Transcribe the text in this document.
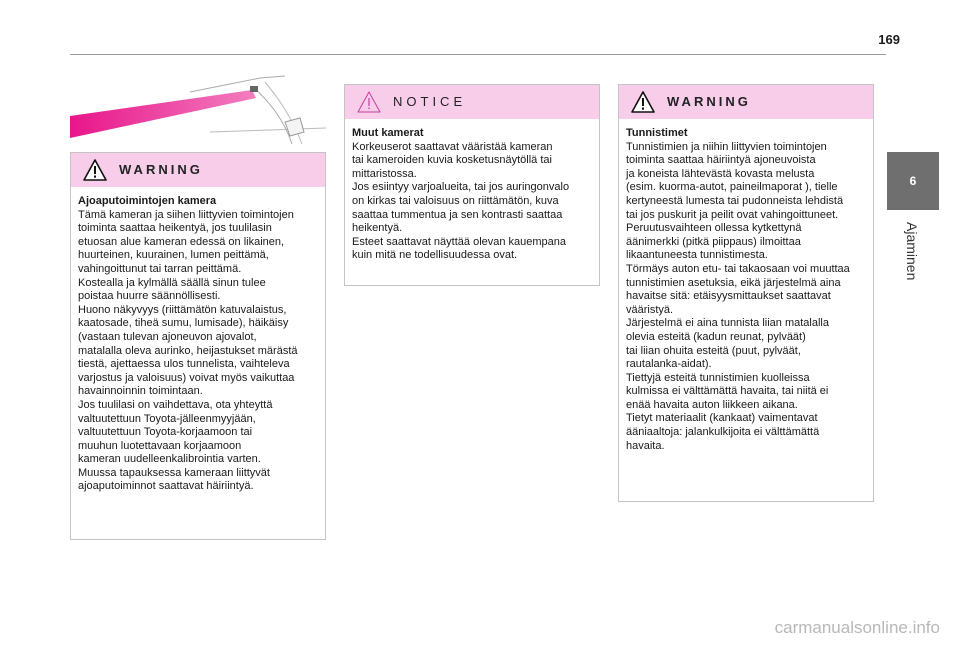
169
6
Ajaminen
WARNING

Ajoaputoimintojen kamera

Tämä kameran ja siihen liittyvien toimintojen
toiminta saattaa heikentyä, jos tuulilasin
etuosan alue kameran edessä on likainen,
huurteinen, kuurainen, lumen peittämä,
vahingoittunut tai tarran peittämä.
Kostealla ja kylmällä säällä sinun tulee
poistaa huurre säännöllisesti.
Huono näkyvyys (riittämätön katuvalaistus,
kaatosade, tiheä sumu, lumisade), häikäisy
(vastaan tulevan ajoneuvon ajovalot,
matalalla oleva aurinko, heijastukset märästä
tiestä, ajettaessa ulos tunnelista, vaihteleva
varjostus ja valoisuus) voivat myös vaikuttaa
havainnoinnin toimintaan.
Jos tuulilasi on vaihdettava, ota yhteyttä
valtuutettuun Toyota-jälleenmyyjään,
valtuutettuun Toyota-korjaamoon tai
muuhun luotettavaan korjaamoon
kameran uudelleenkalibrointia varten.
Muussa tapauksessa kameraan liittyvät
ajoaputoiminnot saattavat häiriintyä.

NOTICE

Muut kamerat

Korkeuserot saattavat vääristää kameran
tai kameroiden kuvia kosketusnäytöllä tai
mittaristossa.
Jos esiintyy varjoalueita, tai jos auringonvalo
on kirkas tai valoisuus on riittämätön, kuva
saattaa tummentua ja sen kontrasti saattaa
heikentyä.
Esteet saattavat näyttää olevan kauempana
kuin mitä ne todellisuudessa ovat.

WARNING

Tunnistimet

Tunnistimien ja niihin liittyvien toimintojen
toiminta saattaa häiriintyä ajoneuvoista
ja koneista lähtevästä kovasta melusta
(esim. kuorma-autot, paineilmaporat ), tielle
kertyneestä lumesta tai pudonneista lehdistä
tai jos puskurit ja peilit ovat vahingoittuneet.
Peruutusvaihteen ollessa kytkettynä
äänimerkki (pitkä piippaus) ilmoittaa
likaantuneesta tunnistimesta.
Törmäys auton etu- tai takaosaan voi muuttaa
tunnistimien asetuksia, eikä järjestelmä aina
havaitse sitä: etäisyysmittaukset saattavat
vääristyä.
Järjestelmä ei aina tunnista liian matalalla
olevia esteitä (kadun reunat, pylväät)
tai liian ohuita esteitä (puut, pylväät,
rautalanka-aidat).
Tiettyjä esteitä tunnistimien kuolleissa
kulmissa ei välttämättä havaita, tai niitä ei
enää havaita auton liikkeen aikana.
Tietyt materiaalit (kankaat) vaimentavat
ääniaaltoja: jalankulkijoita ei välttämättä
havaita.

carmanualsonline.info
